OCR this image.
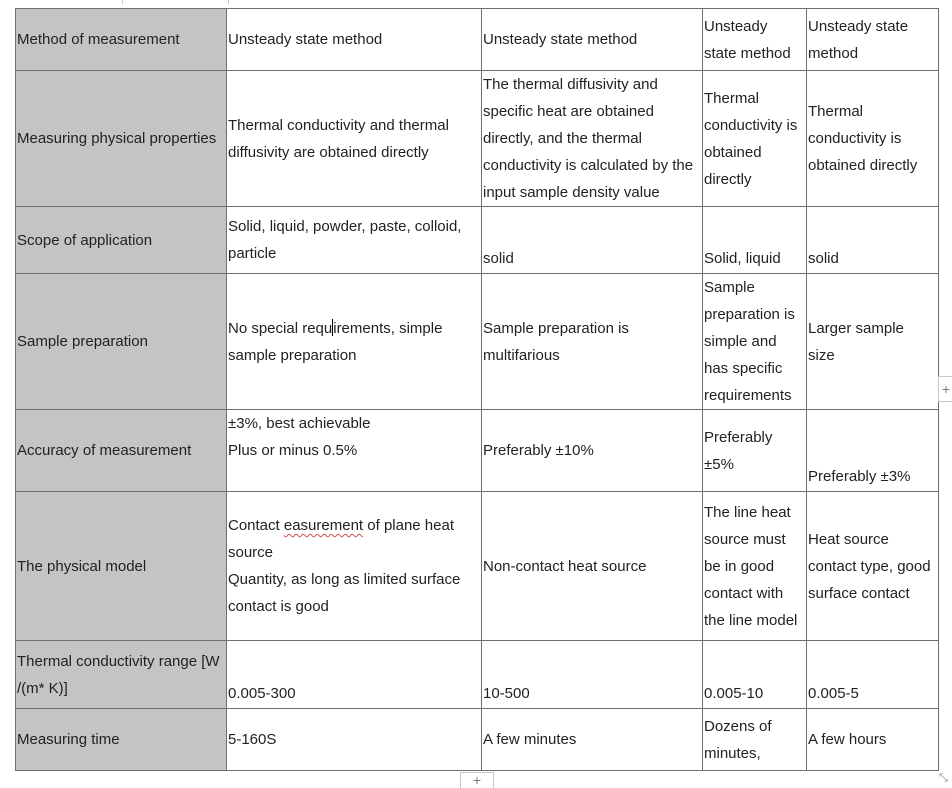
Method of measurement	Unsteady state method	Unsteady state method	Unsteady
state method	Unsteady state
method

Measuring physical properties	Thermal conductivity and thermal
diffusivity are obtained directly	The thermal diffusivity and
specific heat are obtained
directly, and the thermal
conductivity is calculated by the
input sample density value	Thermal
conductivity is
obtained
directly	Thermal
conductivity is
obtained directly

Scope of application	Solid, liquid, powder, paste, colloid,
particle	solid	Solid, liquid	solid

Sample preparation	No special requirements, simple
sample preparation	Sample preparation is
multifarious	Sample
preparation is
simple and
has specific
requirements	Larger sample
size

Accuracy of measurement	±3%, best achievable
Plus or minus 0.5%	Preferably ±10%	Preferably
±5%	Preferably ±3%

The physical model	Contact easurement of plane heat
source
Quantity, as long as limited surface
contact is good	Non-contact heat source	The line heat
source must
be in good
contact with
the line model	Heat source
contact type, good
surface contact

Thermal conductivity range [W
/(m* K)]	0.005-300	10-500	0.005-10	0.005-5

Measuring time	5-160S	A few minutes	Dozens of
minutes,	A few hours
+
+
⤡
